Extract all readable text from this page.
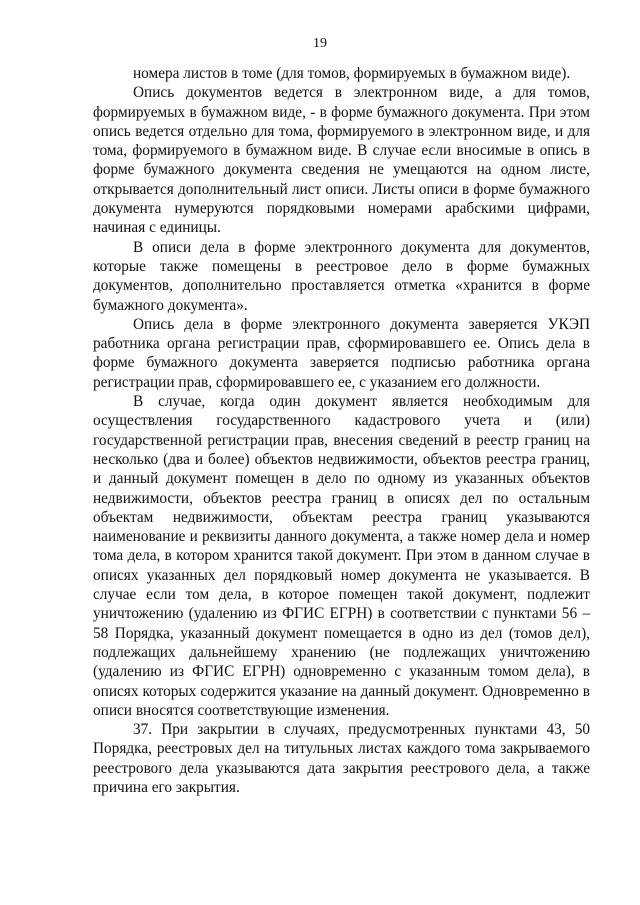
19

номера листов в томе (для томов, формируемых в бумажном виде).

Опись документов ведется в электронном виде, а для томов, формируемых в бумажном виде, - в форме бумажного документа. При этом опись ведется отдельно для тома, формируемого в электронном виде, и для тома, формируемого в бумажном виде. В случае если вносимые в опись в форме бумажного документа сведения не умещаются на одном листе, открывается дополнительный лист описи. Листы описи в форме бумажного документа нумеруются порядковыми номерами арабскими цифрами, начиная с единицы.

В описи дела в форме электронного документа для документов, которые также помещены в реестровое дело в форме бумажных документов, дополнительно проставляется отметка «хранится в форме бумажного документа».

Опись дела в форме электронного документа заверяется УКЭП работника органа регистрации прав, сформировавшего ее. Опись дела в форме бумажного документа заверяется подписью работника органа регистрации прав, сформировавшего ее, с указанием его должности.

В случае, когда один документ является необходимым для осуществления государственного кадастрового учета и (или) государственной регистрации прав, внесения сведений в реестр границ на несколько (два и более) объектов недвижимости, объектов реестра границ, и данный документ помещен в дело по одному из указанных объектов недвижимости, объектов реестра границ в описях дел по остальным объектам недвижимости, объектам реестра границ указываются наименование и реквизиты данного документа, а также номер дела и номер тома дела, в котором хранится такой документ. При этом в данном случае в описях указанных дел порядковый номер документа не указывается. В случае если том дела, в которое помещен такой документ, подлежит уничтожению (удалению из ФГИС ЕГРН) в соответствии с пунктами 56 – 58 Порядка, указанный документ помещается в одно из дел (томов дел), подлежащих дальнейшему хранению (не подлежащих уничтожению (удалению из ФГИС ЕГРН) одновременно с указанным томом дела), в описях которых содержится указание на данный документ. Одновременно в описи вносятся соответствующие изменения.

37. При закрытии в случаях, предусмотренных пунктами 43, 50 Порядка, реестровых дел на титульных листах каждого тома закрываемого реестрового дела указываются дата закрытия реестрового дела, а также причина его закрытия.
